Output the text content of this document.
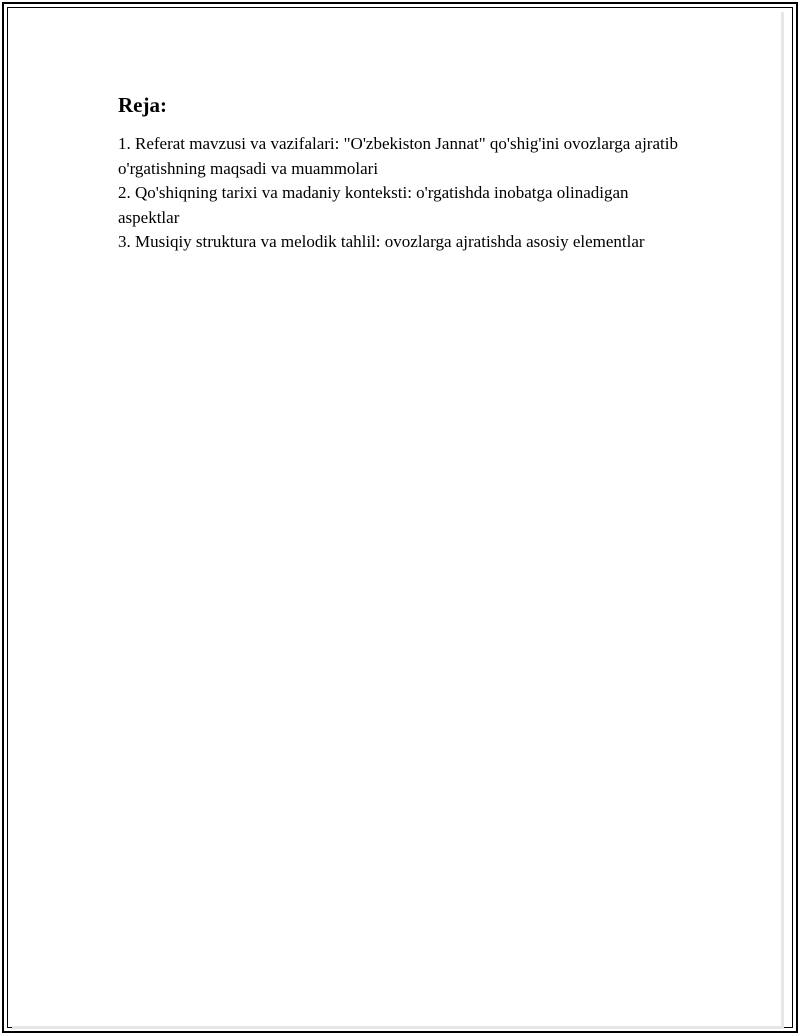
Reja:
1. Referat mavzusi va vazifalari: "O'zbekiston Jannat" qo'shig'ini ovozlarga ajratib o'rgatishning maqsadi va muammolari
2. Qo'shiqning tarixi va madaniy konteksti: o'rgatishda inobatga olinadigan aspektlar
3. Musiqiy struktura va melodik tahlil: ovozlarga ajratishda asosiy elementlar
